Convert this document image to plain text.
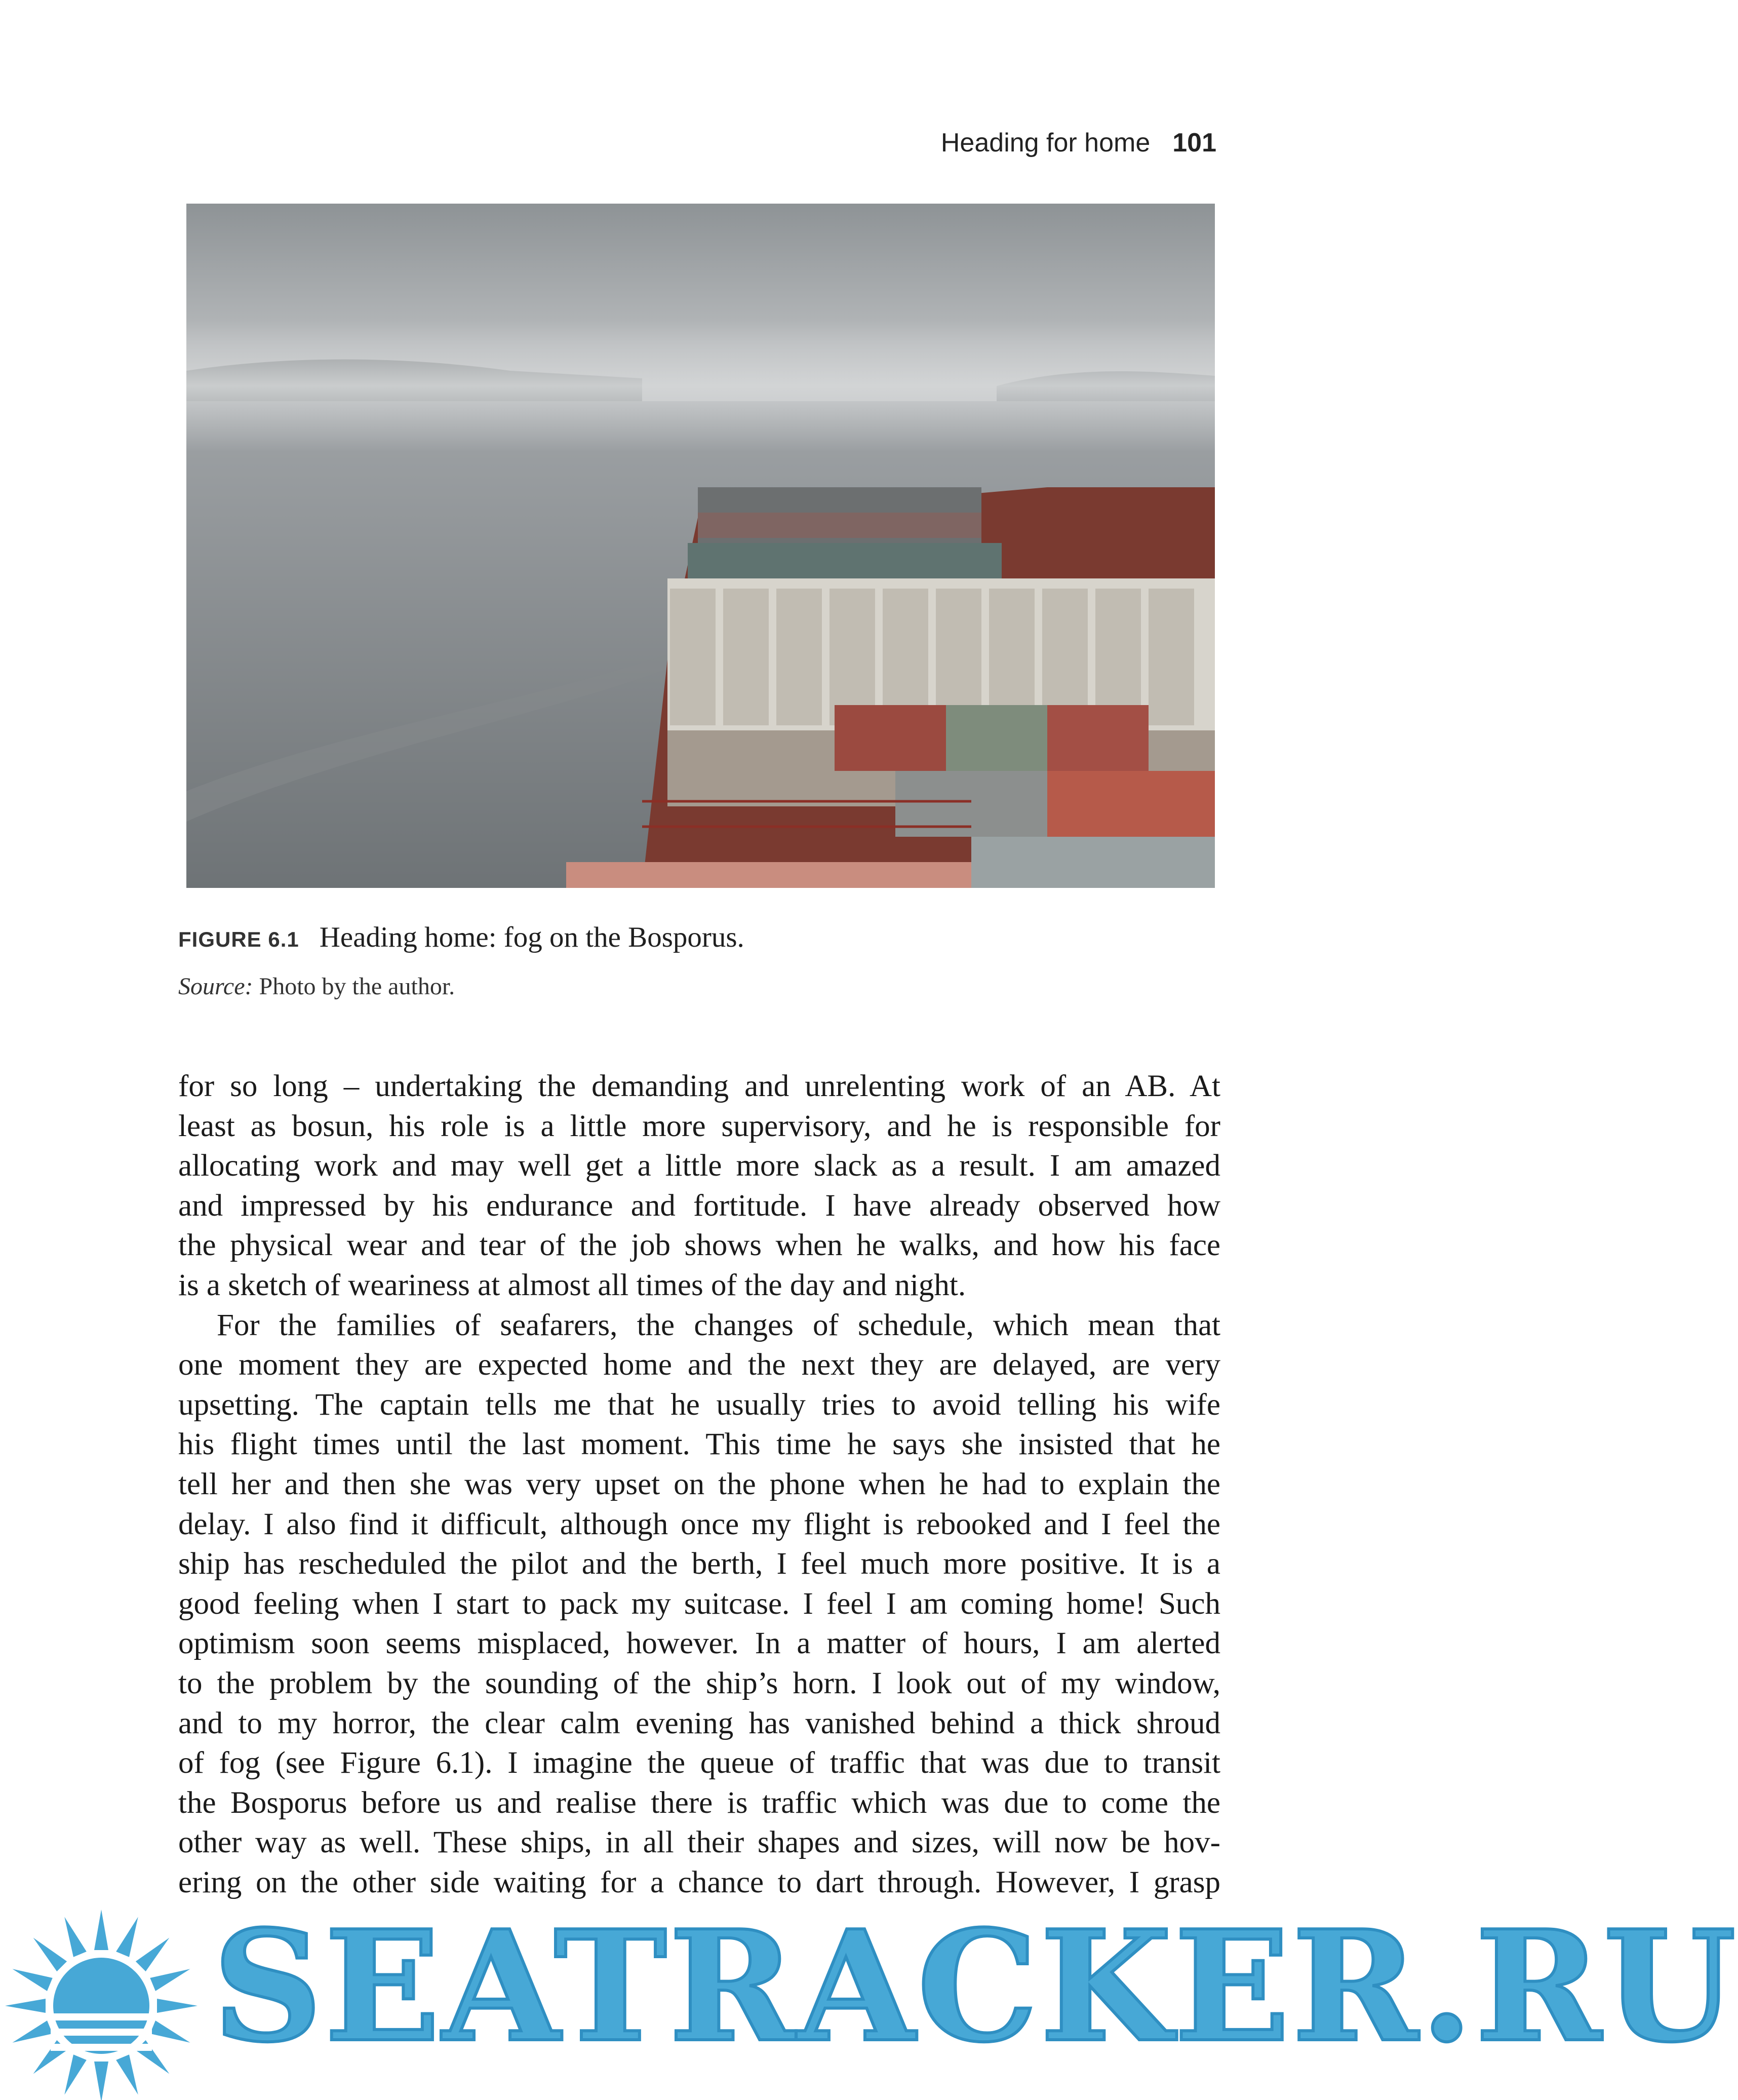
Heading for home 101
FIGURE 6.1 Heading home: fog on the Bosporus.
Source: Photo by the author.

for so long – undertaking the demanding and unrelenting work of an AB. At
least as bosun, his role is a little more supervisory, and he is responsible for
allocating work and may well get a little more slack as a result. I am amazed
and impressed by his endurance and fortitude. I have already observed how
the physical wear and tear of the job shows when he walks, and how his face
is a sketch of weariness at almost all times of the day and night.

For the families of seafarers, the changes of schedule, which mean that
one moment they are expected home and the next they are delayed, are very
upsetting. The captain tells me that he usually tries to avoid telling his wife
his flight times until the last moment. This time he says she insisted that he
tell her and then she was very upset on the phone when he had to explain the
delay. I also find it difficult, although once my flight is rebooked and I feel the
ship has rescheduled the pilot and the berth, I feel much more positive. It is a
good feeling when I start to pack my suitcase. I feel I am coming home! Such
optimism soon seems misplaced, however. In a matter of hours, I am alerted
to the problem by the sounding of the ship’s horn. I look out of my window,
and to my horror, the clear calm evening has vanished behind a thick shroud
of fog (see Figure 6.1). I imagine the queue of traffic that was due to transit
the Bosporus before us and realise there is traffic which was due to come the
other way as well. These ships, in all their shapes and sizes, will now be hov-
ering on the other side waiting for a chance to dart through. However, I grasp

SEATRACKER.RU
